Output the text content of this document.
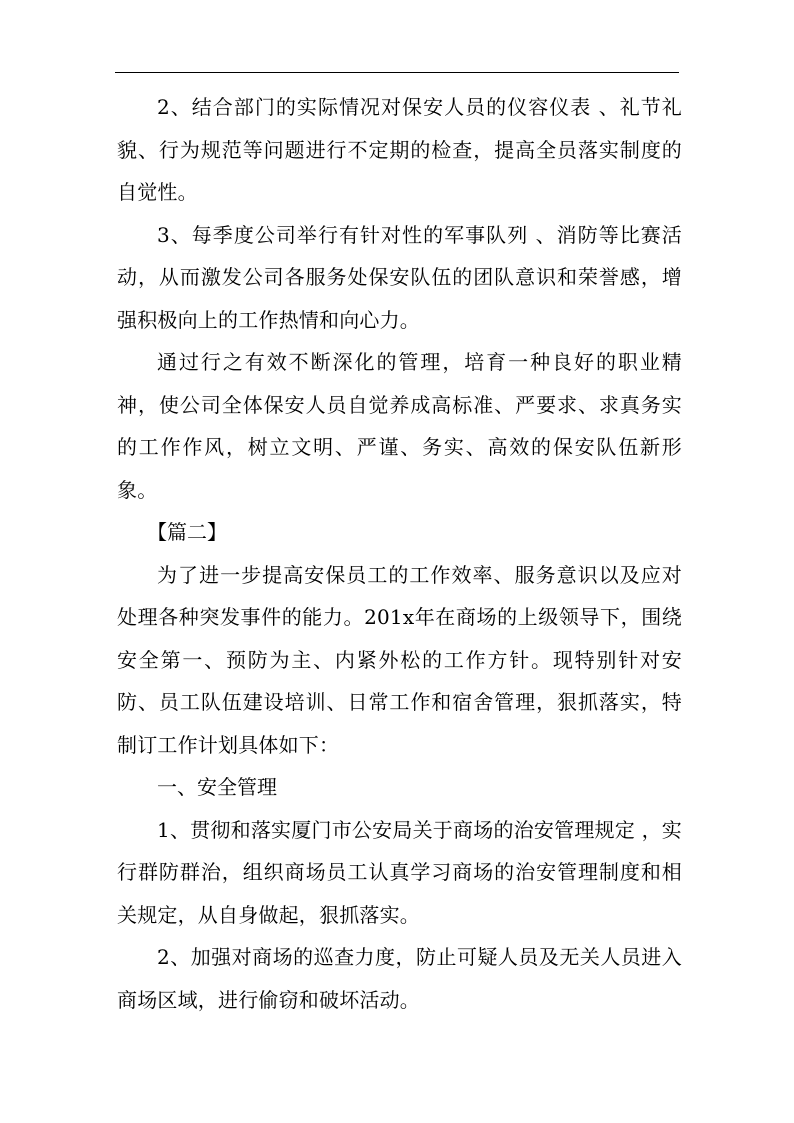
2、结合部门的实际情况对保安人员的仪容仪表 、礼节礼貌、行为规范等问题进行不定期的检查，提高全员落实制度的自觉性。

3、每季度公司举行有针对性的军事队列 、消防等比赛活动，从而激发公司各服务处保安队伍的团队意识和荣誉感，增强积极向上的工作热情和向心力。

通过行之有效不断深化的管理，培育一种良好的职业精神，使公司全体保安人员自觉养成高标准、严要求、求真务实的工作作风，树立文明、严谨、务实、高效的保安队伍新形象。

【篇二】

为了进一步提高安保员工的工作效率、服务意识以及应对处理各种突发事件的能力。201x年在商场的上级领导下，围绕安全第一、预防为主、内紧外松的工作方针。现特别针对安防、员工队伍建设培训、日常工作和宿舍管理，狠抓落实，特制订工作计划具体如下：

一、安全管理

1、贯彻和落实厦门市公安局关于商场的治安管理规定 ，实行群防群治，组织商场员工认真学习商场的治安管理制度和相关规定，从自身做起，狠抓落实。

2、加强对商场的巡查力度，防止可疑人员及无关人员进入商场区域，进行偷窃和破坏活动。
